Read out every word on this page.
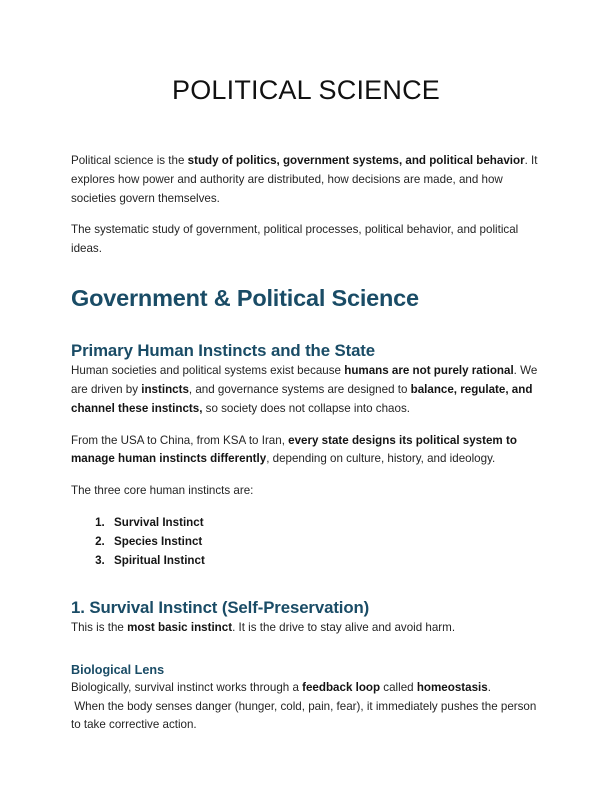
POLITICAL SCIENCE

Political science is the study of politics, government systems, and political behavior. It explores how power and authority are distributed, how decisions are made, and how societies govern themselves.

The systematic study of government, political processes, political behavior, and political ideas.

Government & Political Science
Primary Human Instincts and the State

Human societies and political systems exist because humans are not purely rational. We are driven by instincts, and governance systems are designed to balance, regulate, and channel these instincts, so society does not collapse into chaos.

From the USA to China, from KSA to Iran, every state designs its political system to manage human instincts differently, depending on culture, history, and ideology.

The three core human instincts are:

1. Survival Instinct
2. Species Instinct
3. Spiritual Instinct
1. Survival Instinct (Self-Preservation)

This is the most basic instinct. It is the drive to stay alive and avoid harm.

Biological Lens

Biologically, survival instinct works through a feedback loop called homeostasis.
When the body senses danger (hunger, cold, pain, fear), it immediately pushes the person to take corrective action.
